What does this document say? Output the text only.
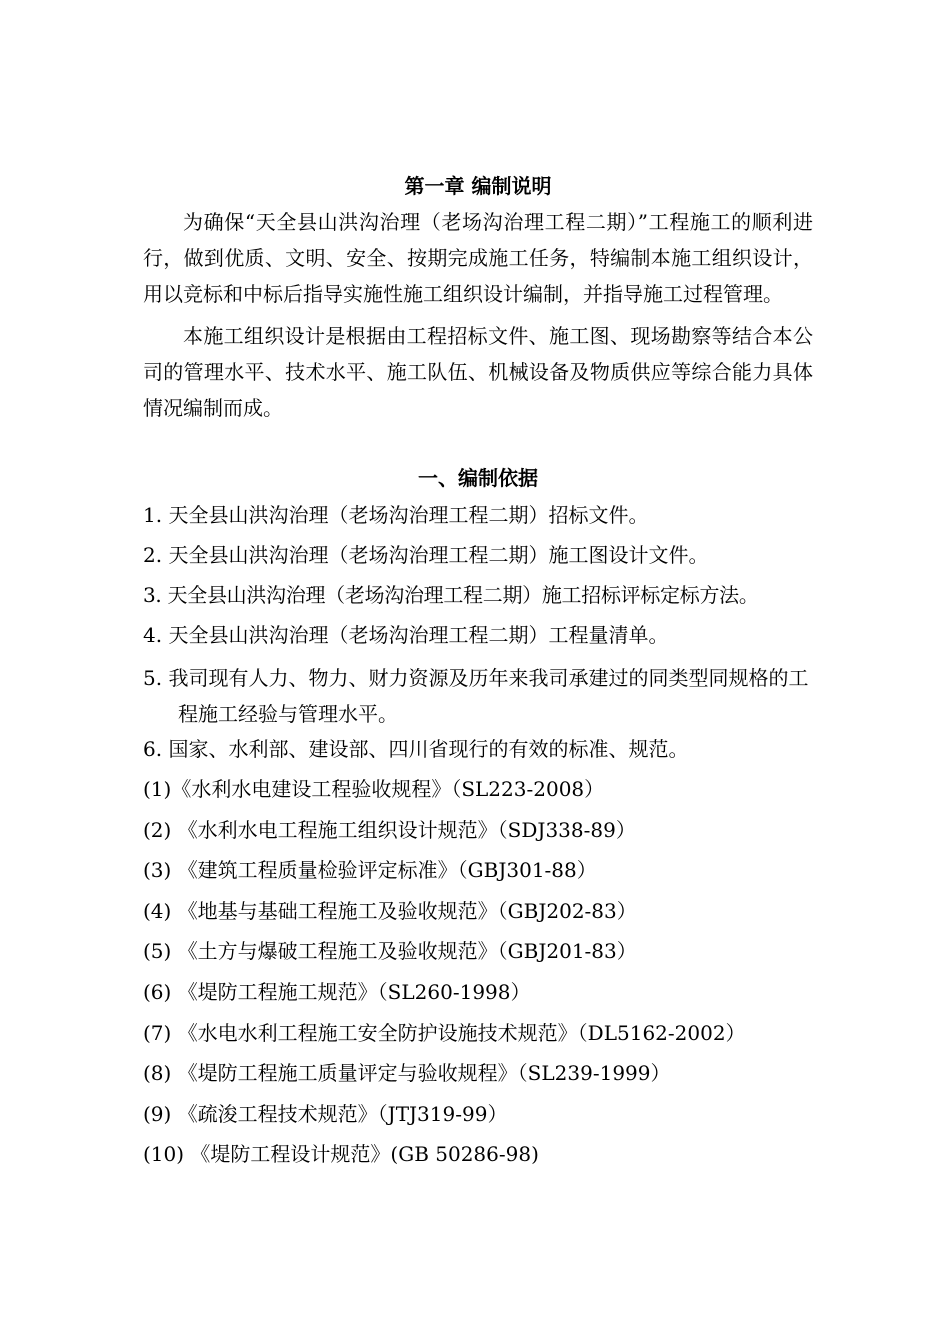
第一章 编制说明

为确保“天全县山洪沟治理（老场沟治理工程二期）”工程施工的顺利进行，做到优质、文明、安全、按期完成施工任务，特编制本施工组织设计，用以竞标和中标后指导实施性施工组织设计编制，并指导施工过程管理。

本施工组织设计是根据由工程招标文件、施工图、现场勘察等结合本公司的管理水平、技术水平、施工队伍、机械设备及物质供应等综合能力具体情况编制而成。

一、编制依据
1. 天全县山洪沟治理（老场沟治理工程二期）招标文件。
2. 天全县山洪沟治理（老场沟治理工程二期）施工图设计文件。
3. 天全县山洪沟治理（老场沟治理工程二期）施工招标评标定标方法。
4. 天全县山洪沟治理（老场沟治理工程二期）工程量清单。
5. 我司现有人力、物力、财力资源及历年来我司承建过的同类型同规格的工程施工经验与管理水平。
6. 国家、水利部、建设部、四川省现行的有效的标准、规范。
(1)《水利水电建设工程验收规程》（SL223-2008）
(2) 《水利水电工程施工组织设计规范》（SDJ338-89）
(3) 《建筑工程质量检验评定标准》（GBJ301-88）
(4) 《地基与基础工程施工及验收规范》（GBJ202-83）
(5) 《土方与爆破工程施工及验收规范》（GBJ201-83）
(6) 《堤防工程施工规范》（SL260-1998）
(7) 《水电水利工程施工安全防护设施技术规范》（DL5162-2002）
(8) 《堤防工程施工质量评定与验收规程》（SL239-1999）
(9) 《疏浚工程技术规范》（JTJ319-99）
(10) 《堤防工程设计规范》(GB 50286-98)
